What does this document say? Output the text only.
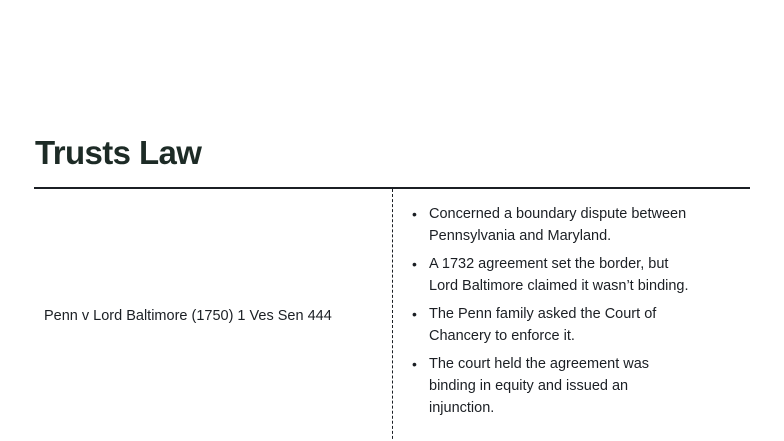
Trusts Law
Penn v Lord Baltimore (1750) 1 Ves Sen 444
• Concerned a boundary dispute between Pennsylvania and Maryland.
• A 1732 agreement set the border, but Lord Baltimore claimed it wasn’t binding.
• The Penn family asked the Court of Chancery to enforce it.
• The court held the agreement was binding in equity and issued an injunction.
